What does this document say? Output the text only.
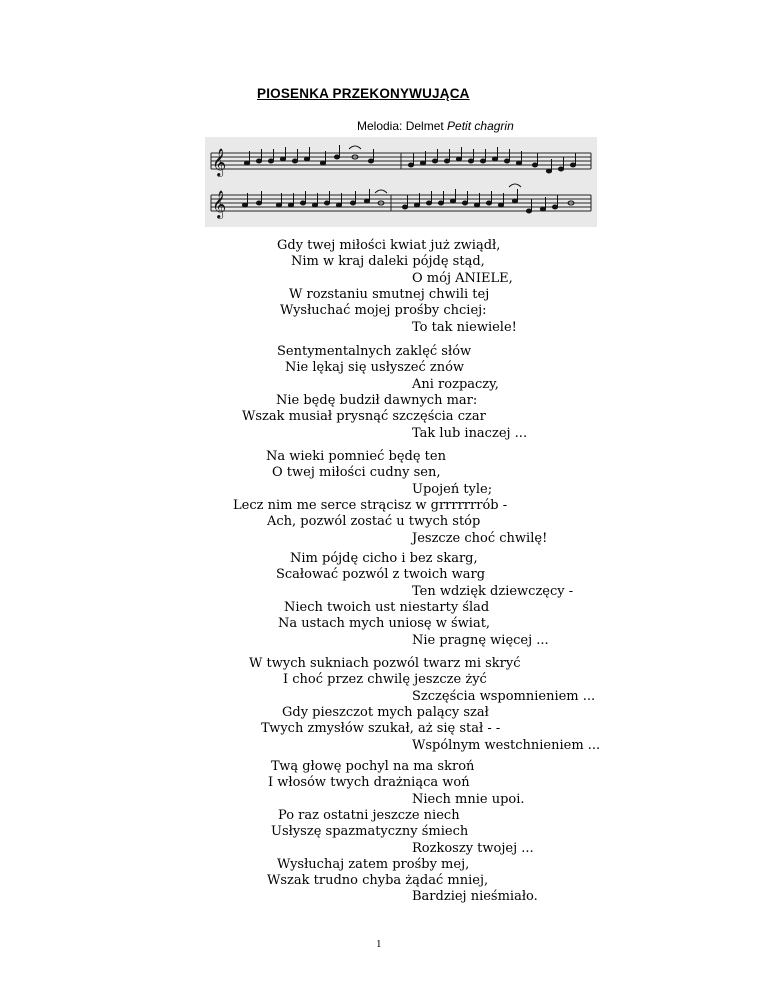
PIOSENKA PRZEKONYWUJĄCA
Melodia: Delmet Petit chagrin
𝄞
𝄞
Gdy twej miłości kwiat już zwiądł,
Nim w kraj daleki pójdę stąd,
O mój ANIELE,
W rozstaniu smutnej chwili tej
Wysłuchać mojej prośby chciej:
To tak niewiele!
Sentymentalnych zaklęć słów
Nie lękaj się usłyszeć znów
Ani rozpaczy,
Nie będę budził dawnych mar:
Wszak musiał prysnąć szczęścia czar
Tak lub inaczej ...
Na wieki pomnieć będę ten
O twej miłości cudny sen,
Upojeń tyle;
Lecz nim me serce strącisz w grrrrrrrób -
Ach, pozwól zostać u twych stóp
Jeszcze choć chwilę!
Nim pójdę cicho i bez skarg,
Scałować pozwól z twoich warg
Ten wdzięk dziewczęcy -
Niech twoich ust niestarty ślad
Na ustach mych uniosę w świat,
Nie pragnę więcej ...
W twych sukniach pozwól twarz mi skryć
I choć przez chwilę jeszcze żyć
Szczęścia wspomnieniem ...
Gdy pieszczot mych palący szał
Twych zmysłów szukał, aż się stał - -
Wspólnym westchnieniem ...
Twą głowę pochyl na ma skroń
I włosów twych drażniąca woń
Niech mnie upoi.
Po raz ostatni jeszcze niech
Usłyszę spazmatyczny śmiech
Rozkoszy twojej ...
Wysłuchaj zatem prośby mej,
Wszak trudno chyba żądać mniej,
Bardziej nieśmiało.
1
